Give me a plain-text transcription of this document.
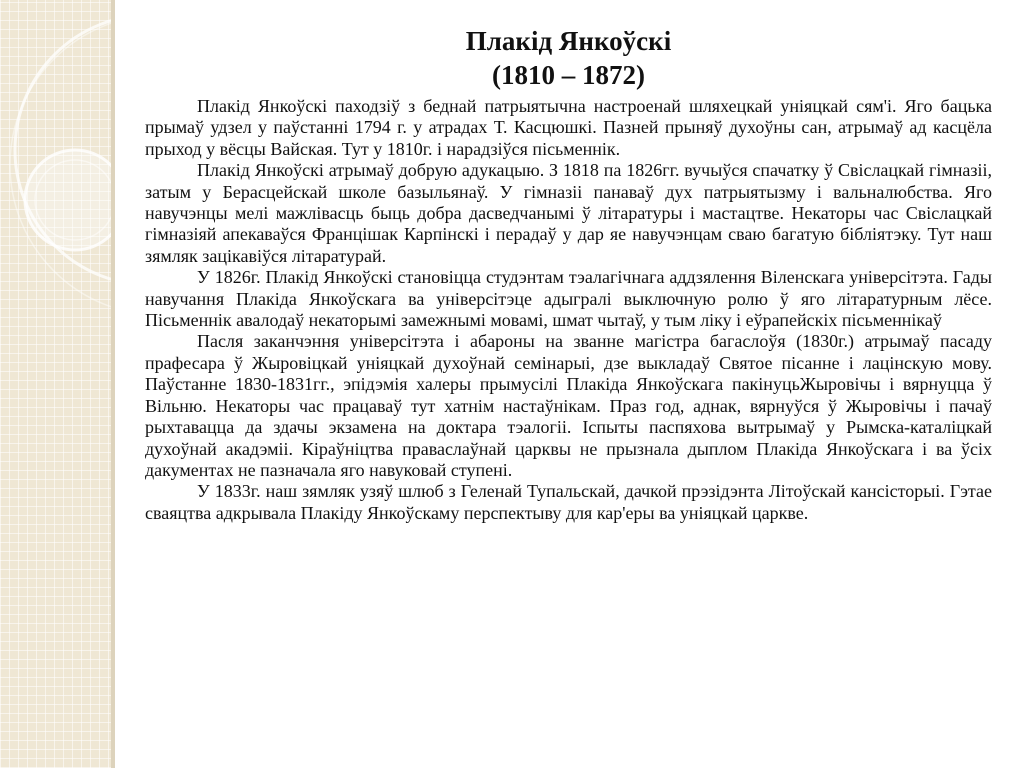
Плакід Янкоўскі
(1810 – 1872)

Плакід Янкоўскі паходзіў з беднай патрыятычна настроенай шляхецкай уніяцкай сям'і. Яго бацька прымаў удзел у паўстанні 1794 г. у атрадах Т. Касцюшкі. Пазней прыняў духоўны сан, атрымаў ад касцёла прыход у вёсцы Вайская. Тут у 1810г. і нарадзіўся пісьменнік.

Плакід Янкоўскі атрымаў добрую адукацыю. З 1818 па 1826гг. вучыўся спачатку ў Свіслацкай гімназіі, затым у Берасцейскай школе базыльянаў. У гімназіі панаваў дух патрыятызму і вальналюбства. Яго навучэнцы мелі мажлівасць быць добра дасведчанымі ў літаратуры і мастацтве. Некаторы час Свіслацкай гімназіяй апекаваўся Францішак Карпінскі і перадаў у дар яе навучэнцам сваю багатую бібліятэку. Тут наш зямляк зацікавіўся літаратурай.

У 1826г. Плакід Янкоўскі становіцца студэнтам тэалагічнага аддзялення Віленскага універсітэта. Гады навучання Плакіда Янкоўскага ва універсітэце адыгралі выключную ролю ў яго літаратурным лёсе. Пісьменнік авалодаў некаторымі замежнымі мовамі, шмат чытаў, у тым ліку і еўрапейскіх пісьменнікаў

Пасля заканчэння універсітэта і абароны на званне магістра багаслоўя (1830г.) атрымаў пасаду прафесара ў Жыровіцкай уніяцкай духоўнай семінарыі, дзе выкладаў Святое пісанне і лацінскую мову. Паўстанне 1830-1831гг., эпідэмія халеры прымусілі Плакіда Янкоўскага пакінуцьЖыровічы і вярнуцца ў Вільню. Некаторы час працаваў тут хатнім настаўнікам. Праз год, аднак, вярнуўся ў Жыровічы і пачаў рыхтавацца да здачы экзамена на доктара тэалогіі. Іспыты паспяхова вытрымаў у Рымска-каталіцкай духоўнай акадэміі. Кіраўніцтва праваслаўнай царквы не прызнала дыплом Плакіда Янкоўскага і ва ўсіх дакументах не пазначала яго навуковай ступені.

У 1833г. наш зямляк узяў шлюб з Геленай Тупальскай, дачкой прэзідэнта Літоўскай кансісторыі. Гэтае сваяцтва адкрывала Плакіду Янкоўскаму перспектыву для кар'еры ва уніяцкай царкве.
